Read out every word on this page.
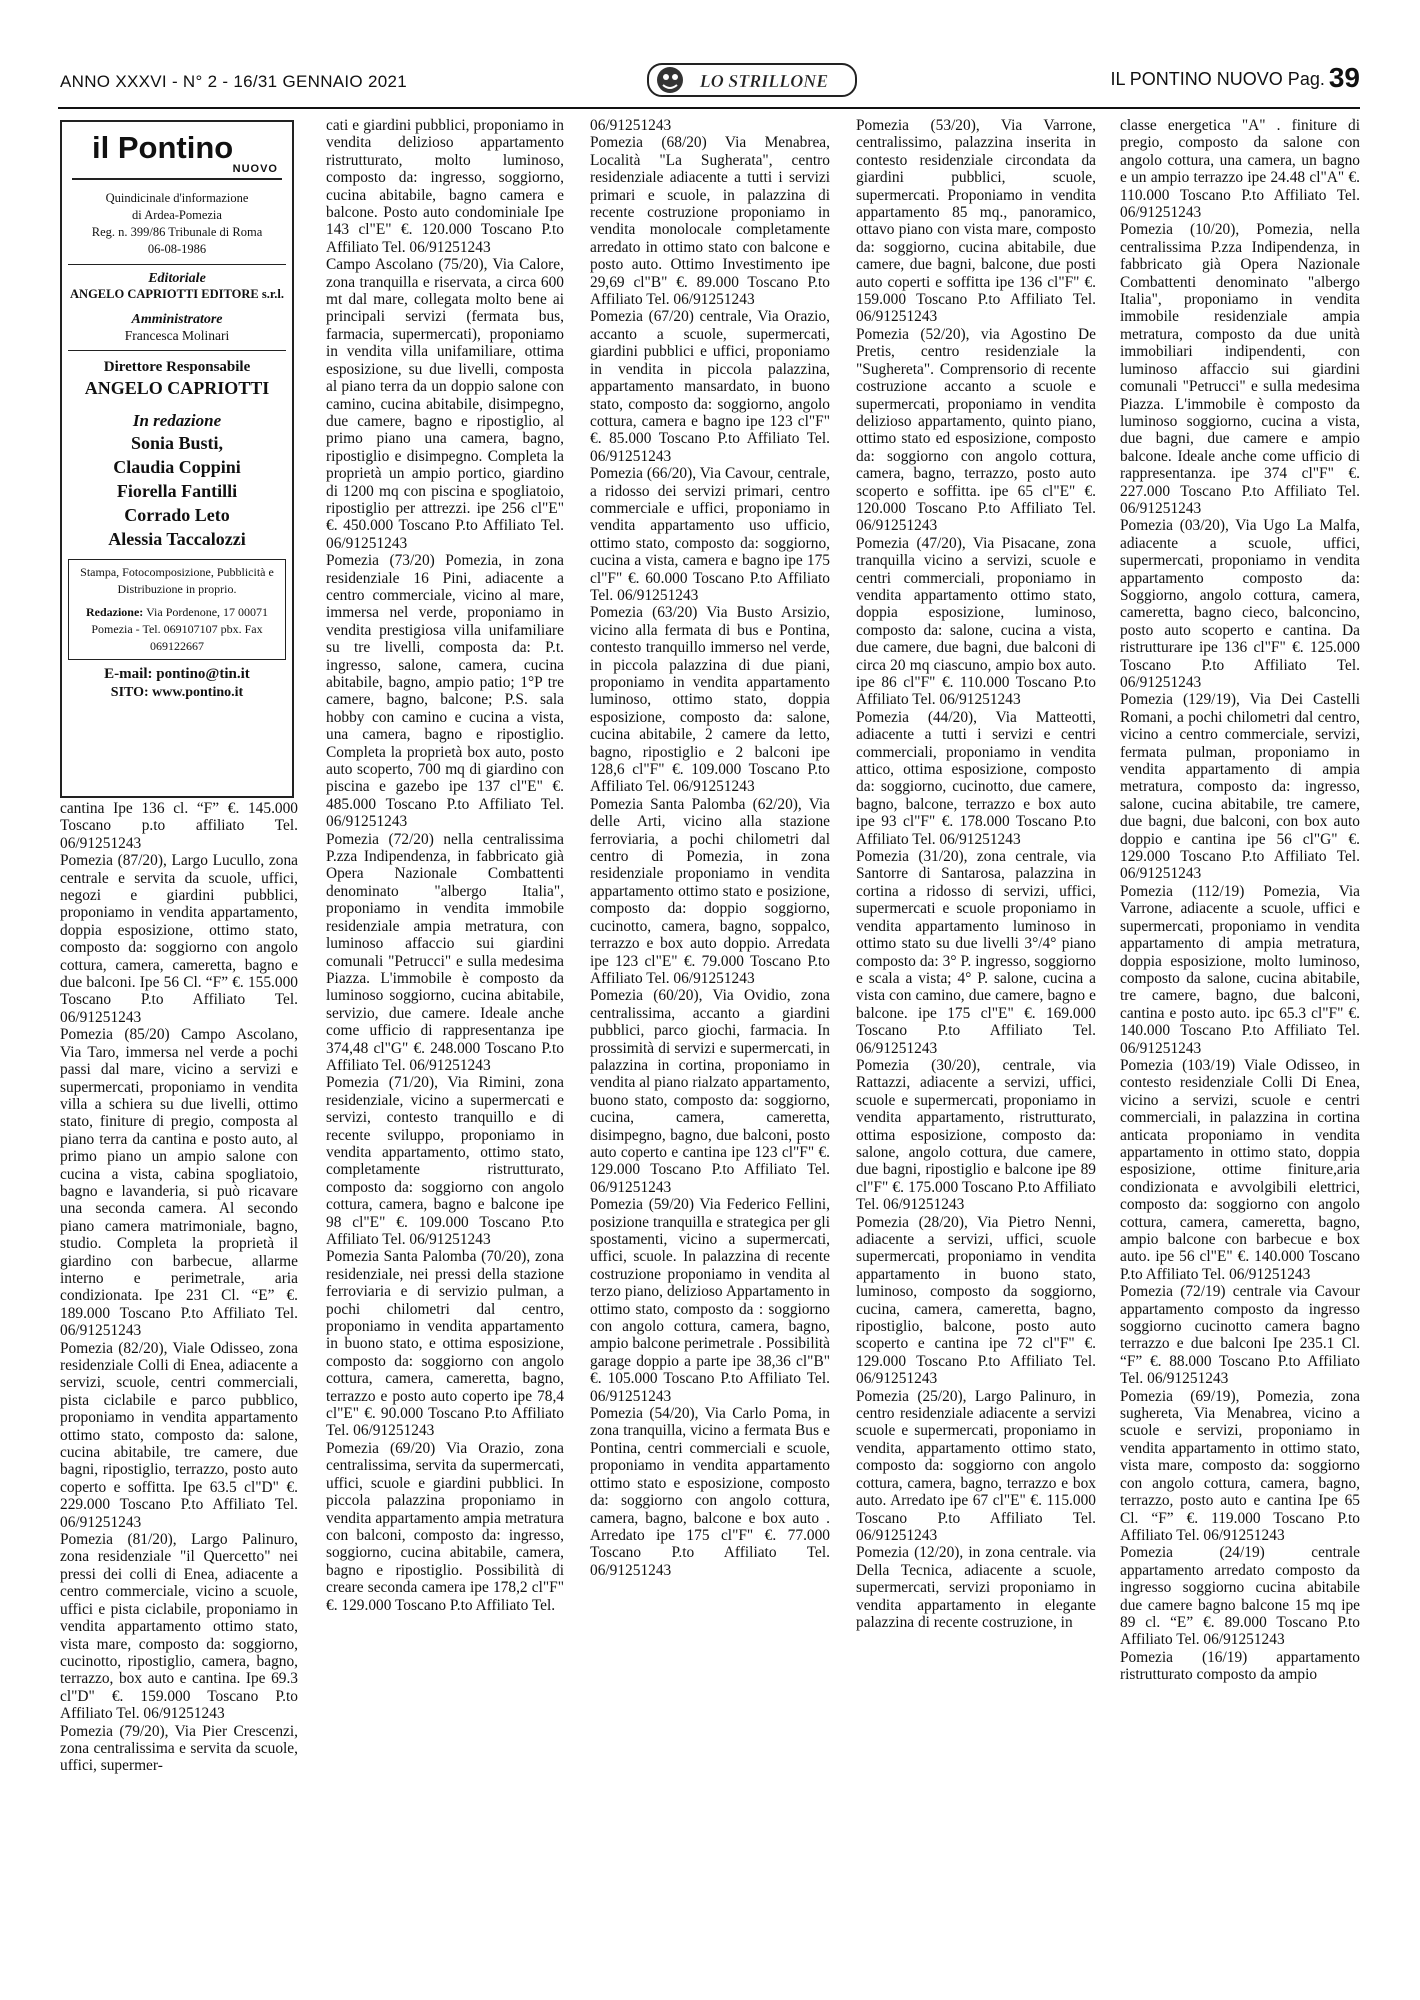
ANNO XXXVI - N° 2 - 16/31 GENNAIO 2021	LO STRILLONE	IL PONTINO NUOVO Pag. 39
il Pontino
NUOVO
Quindicinale d'informazione
di Ardea-Pomezia
Reg. n. 399/86 Tribunale di Roma
06-08-1986
Editoriale
ANGELO CAPRIOTTI EDITORE s.r.l.
Amministratore
Francesca Molinari
Direttore Responsabile
ANGELO CAPRIOTTI
In redazione
Sonia Busti,
Claudia Coppini
Fiorella Fantilli
Corrado Leto
Alessia Taccalozzi
Stampa, Fotocomposizione, Pubblicità e Distribuzione in proprio.
Redazione: Via Pordenone, 17 00071 Pomezia - Tel. 069107107 pbx. Fax 069122667
E-mail: pontino@tin.it
SITO: www.pontino.it

cantina Ipe 136 cl. “F” €. 145.000 Toscano p.to affiliato Tel. 06/91251243

Pomezia (87/20), Largo Lucullo, zona centrale e servita da scuole, uffici, negozi e giardini pubblici, proponiamo in vendita appartamento, doppia esposizione, ottimo stato, composto da: soggiorno con angolo cottura, camera, cameretta, bagno e due balconi. Ipe 56 Cl. “F” €. 155.000 Toscano P.to Affiliato Tel. 06/91251243

Pomezia (85/20) Campo Ascolano, Via Taro, immersa nel verde a pochi passi dal mare, vicino a servizi e supermercati, proponiamo in vendita villa a schiera su due livelli, ottimo stato, finiture di pregio, composta al piano terra da cantina e posto auto, al primo piano un ampio salone con cucina a vista, cabina spogliatoio, bagno e lavanderia, si può ricavare una seconda camera. Al secondo piano camera matrimoniale, bagno, studio. Completa la proprietà il giardino con barbecue, allarme interno e perimetrale, aria condizionata. Ipe 231 Cl. “E” €. 189.000 Toscano P.to Affiliato Tel. 06/91251243

Pomezia (82/20), Viale Odisseo, zona residenziale Colli di Enea, adiacente a servizi, scuole, centri commerciali, pista ciclabile e parco pubblico, proponiamo in vendita appartamento ottimo stato, composto da: salone, cucina abitabile, tre camere, due bagni, ripostiglio, terrazzo, posto auto coperto e soffitta. Ipe 63.5 cl"D" €. 229.000 Toscano P.to Affiliato Tel. 06/91251243

Pomezia (81/20), Largo Palinuro, zona residenziale "il Quercetto" nei pressi dei colli di Enea, adiacente a centro commerciale, vicino a scuole, uffici e pista ciclabile, proponiamo in vendita appartamento ottimo stato, vista mare, composto da: soggiorno, cucinotto, ripostiglio, camera, bagno, terrazzo, box auto e cantina. Ipe 69.3 cl"D" €. 159.000 Toscano P.to Affiliato Tel. 06/91251243

Pomezia (79/20), Via Pier Crescenzi, zona centralissima e servita da scuole, uffici, supermer-

cati e giardini pubblici, proponiamo in vendita delizioso appartamento ristrutturato, molto luminoso, composto da: ingresso, soggiorno, cucina abitabile, bagno camera e balcone. Posto auto condominiale Ipe 143 cl"E" €. 120.000 Toscano P.to Affiliato Tel. 06/91251243

Campo Ascolano (75/20), Via Calore, zona tranquilla e riservata, a circa 600 mt dal mare, collegata molto bene ai principali servizi (fermata bus, farmacia, supermercati), proponiamo in vendita villa unifamiliare, ottima esposizione, su due livelli, composta al piano terra da un doppio salone con camino, cucina abitabile, disimpegno, due camere, bagno e ripostiglio, al primo piano una camera, bagno, ripostiglio e disimpegno. Completa la proprietà un ampio portico, giardino di 1200 mq con piscina e spogliatoio, ripostiglio per attrezzi. ipe 256 cl"E" €. 450.000 Toscano P.to Affiliato Tel. 06/91251243

Pomezia (73/20) Pomezia, in zona residenziale 16 Pini, adiacente a centro commerciale, vicino al mare, immersa nel verde, proponiamo in vendita prestigiosa villa unifamiliare su tre livelli, composta da: P.t. ingresso, salone, camera, cucina abitabile, bagno, ampio patio; 1°P tre camere, bagno, balcone; P.S. sala hobby con camino e cucina a vista, una camera, bagno e ripostiglio. Completa la proprietà box auto, posto auto scoperto, 700 mq di giardino con piscina e gazebo ipe 137 cl"E" €. 485.000 Toscano P.to Affiliato Tel. 06/91251243

Pomezia (72/20) nella centralissima P.zza Indipendenza, in fabbricato già Opera Nazionale Combattenti denominato "albergo Italia", proponiamo in vendita immobile residenziale ampia metratura, con luminoso affaccio sui giardini comunali "Petrucci" e sulla medesima Piazza. L'immobile è composto da luminoso soggiorno, cucina abitabile, servizio, due camere. Ideale anche come ufficio di rappresentanza ipe 374,48 cl"G" €. 248.000 Toscano P.to Affiliato Tel. 06/91251243

Pomezia (71/20), Via Rimini, zona residenziale, vicino a supermercati e servizi, contesto tranquillo e di recente sviluppo, proponiamo in vendita appartamento, ottimo stato, completamente ristrutturato, composto da: soggiorno con angolo cottura, camera, bagno e balcone ipe 98 cl"E" €. 109.000 Toscano P.to Affiliato Tel. 06/91251243

Pomezia Santa Palomba (70/20), zona residenziale, nei pressi della stazione ferroviaria e di servizio pulman, a pochi chilometri dal centro, proponiamo in vendita appartamento in buono stato, e ottima esposizione, composto da: soggiorno con angolo cottura, camera, cameretta, bagno, terrazzo e posto auto coperto ipe 78,4 cl"E" €. 90.000 Toscano P.to Affiliato Tel. 06/91251243

Pomezia (69/20) Via Orazio, zona centralissima, servita da supermercati, uffici, scuole e giardini pubblici. In piccola palazzina proponiamo in vendita appartamento ampia metratura con balconi, composto da: ingresso, soggiorno, cucina abitabile, camera, bagno e ripostiglio. Possibilità di creare seconda camera ipe 178,2 cl"F" €. 129.000 Toscano P.to Affiliato Tel.

06/91251243

Pomezia (68/20) Via Menabrea, Località "La Sugherata", centro residenziale adiacente a tutti i servizi primari e scuole, in palazzina di recente costruzione proponiamo in vendita monolocale completamente arredato in ottimo stato con balcone e posto auto. Ottimo Investimento ipe 29,69 cl"B" €. 89.000 Toscano P.to Affiliato Tel. 06/91251243

Pomezia (67/20) centrale, Via Orazio, accanto a scuole, supermercati, giardini pubblici e uffici, proponiamo in vendita in piccola palazzina, appartamento mansardato, in buono stato, composto da: soggiorno, angolo cottura, camera e bagno ipe 123 cl"F" €. 85.000 Toscano P.to Affiliato Tel. 06/91251243

Pomezia (66/20), Via Cavour, centrale, a ridosso dei servizi primari, centro commerciale e uffici, proponiamo in vendita appartamento uso ufficio, ottimo stato, composto da: soggiorno, cucina a vista, camera e bagno ipe 175 cl"F" €. 60.000 Toscano P.to Affiliato Tel. 06/91251243

Pomezia (63/20) Via Busto Arsizio, vicino alla fermata di bus e Pontina, contesto tranquillo immerso nel verde, in piccola palazzina di due piani, proponiamo in vendita appartamento luminoso, ottimo stato, doppia esposizione, composto da: salone, cucina abitabile, 2 camere da letto, bagno, ripostiglio e 2 balconi ipe 128,6 cl"F" €. 109.000 Toscano P.to Affiliato Tel. 06/91251243

Pomezia Santa Palomba (62/20), Via delle Arti, vicino alla stazione ferroviaria, a pochi chilometri dal centro di Pomezia, in zona residenziale proponiamo in vendita appartamento ottimo stato e posizione, composto da: doppio soggiorno, cucinotto, camera, bagno, soppalco, terrazzo e box auto doppio. Arredata ipe 123 cl"E" €. 79.000 Toscano P.to Affiliato Tel. 06/91251243

Pomezia (60/20), Via Ovidio, zona centralissima, accanto a giardini pubblici, parco giochi, farmacia. In prossimità di servizi e supermercati, in palazzina in cortina, proponiamo in vendita al piano rialzato appartamento, buono stato, composto da: soggiorno, cucina, camera, cameretta, disimpegno, bagno, due balconi, posto auto coperto e cantina ipe 123 cl"F" €. 129.000 Toscano P.to Affiliato Tel. 06/91251243

Pomezia (59/20) Via Federico Fellini, posizione tranquilla e strategica per gli spostamenti, vicino a supermercati, uffici, scuole. In palazzina di recente costruzione proponiamo in vendita al terzo piano, delizioso Appartamento in ottimo stato, composto da : soggiorno con angolo cottura, camera, bagno, ampio balcone perimetrale . Possibilità garage doppio a parte ipe 38,36 cl"B" €. 105.000 Toscano P.to Affiliato Tel. 06/91251243

Pomezia (54/20), Via Carlo Poma, in zona tranquilla, vicino a fermata Bus e Pontina, centri commerciali e scuole, proponiamo in vendita appartamento ottimo stato e esposizione, composto da: soggiorno con angolo cottura, camera, bagno, balcone e box auto . Arredato ipe 175 cl"F" €. 77.000 Toscano P.to Affiliato Tel. 06/91251243

Pomezia (53/20), Via Varrone, centralissimo, palazzina inserita in contesto residenziale circondata da giardini pubblici, scuole, supermercati. Proponiamo in vendita appartamento 85 mq., panoramico, ottavo piano con vista mare, composto da: soggiorno, cucina abitabile, due camere, due bagni, balcone, due posti auto coperti e soffitta ipe 136 cl"F" €. 159.000 Toscano P.to Affiliato Tel. 06/91251243

Pomezia (52/20), via Agostino De Pretis, centro residenziale la "Sughereta". Comprensorio di recente costruzione accanto a scuole e supermercati, proponiamo in vendita delizioso appartamento, quinto piano, ottimo stato ed esposizione, composto da: soggiorno con angolo cottura, camera, bagno, terrazzo, posto auto scoperto e soffitta. ipe 65 cl"E" €. 120.000 Toscano P.to Affiliato Tel. 06/91251243

Pomezia (47/20), Via Pisacane, zona tranquilla vicino a servizi, scuole e centri commerciali, proponiamo in vendita appartamento ottimo stato, doppia esposizione, luminoso, composto da: salone, cucina a vista, due camere, due bagni, due balconi di circa 20 mq ciascuno, ampio box auto. ipe 86 cl"F" €. 110.000 Toscano P.to Affiliato Tel. 06/91251243

Pomezia (44/20), Via Matteotti, adiacente a tutti i servizi e centri commerciali, proponiamo in vendita attico, ottima esposizione, composto da: soggiorno, cucinotto, due camere, bagno, balcone, terrazzo e box auto ipe 93 cl"F" €. 178.000 Toscano P.to Affiliato Tel. 06/91251243

Pomezia (31/20), zona centrale, via Santorre di Santarosa, palazzina in cortina a ridosso di servizi, uffici, supermercati e scuole proponiamo in vendita appartamento luminoso in ottimo stato su due livelli 3°/4° piano composto da: 3° P. ingresso, soggiorno e scala a vista; 4° P. salone, cucina a vista con camino, due camere, bagno e balcone. ipe 175 cl"E" €. 169.000 Toscano P.to Affiliato Tel. 06/91251243

Pomezia (30/20), centrale, via Rattazzi, adiacente a servizi, uffici, scuole e supermercati, proponiamo in vendita appartamento, ristrutturato, ottima esposizione, composto da: salone, angolo cottura, due camere, due bagni, ripostiglio e balcone ipe 89 cl"F" €. 175.000 Toscano P.to Affiliato Tel. 06/91251243

Pomezia (28/20), Via Pietro Nenni, adiacente a servizi, uffici, scuole supermercati, proponiamo in vendita appartamento in buono stato, luminoso, composto da soggiorno, cucina, camera, cameretta, bagno, ripostiglio, balcone, posto auto scoperto e cantina ipe 72 cl"F" €. 129.000 Toscano P.to Affiliato Tel. 06/91251243

Pomezia (25/20), Largo Palinuro, in centro residenziale adiacente a servizi scuole e supermercati, proponiamo in vendita, appartamento ottimo stato, composto da: soggiorno con angolo cottura, camera, bagno, terrazzo e box auto. Arredato ipe 67 cl"E" €. 115.000 Toscano P.to Affiliato Tel. 06/91251243

Pomezia (12/20), in zona centrale. via Della Tecnica, adiacente a scuole, supermercati, servizi proponiamo in vendita appartamento in elegante palazzina di recente costruzione, in

classe energetica "A" . finiture di pregio, composto da salone con angolo cottura, una camera, un bagno e un ampio terrazzo ipe 24.48 cl"A" €. 110.000 Toscano P.to Affiliato Tel. 06/91251243

Pomezia (10/20), Pomezia, nella centralissima P.zza Indipendenza, in fabbricato già Opera Nazionale Combattenti denominato "albergo Italia", proponiamo in vendita immobile residenziale ampia metratura, composto da due unità immobiliari indipendenti, con luminoso affaccio sui giardini comunali "Petrucci" e sulla medesima Piazza. L'immobile è composto da luminoso soggiorno, cucina a vista, due bagni, due camere e ampio balcone. Ideale anche come ufficio di rappresentanza. ipe 374 cl"F" €. 227.000 Toscano P.to Affiliato Tel. 06/91251243

Pomezia (03/20), Via Ugo La Malfa, adiacente a scuole, uffici, supermercati, proponiamo in vendita appartamento composto da: Soggiorno, angolo cottura, camera, cameretta, bagno cieco, balconcino, posto auto scoperto e cantina. Da ristrutturare ipe 136 cl"F" €. 125.000 Toscano P.to Affiliato Tel. 06/91251243

Pomezia (129/19), Via Dei Castelli Romani, a pochi chilometri dal centro, vicino a centro commerciale, servizi, fermata pulman, proponiamo in vendita appartamento di ampia metratura, composto da: ingresso, salone, cucina abitabile, tre camere, due bagni, due balconi, con box auto doppio e cantina ipe 56 cl"G" €. 129.000 Toscano P.to Affiliato Tel. 06/91251243

Pomezia (112/19) Pomezia, Via Varrone, adiacente a scuole, uffici e supermercati, proponiamo in vendita appartamento di ampia metratura, doppia esposizione, molto luminoso, composto da salone, cucina abitabile, tre camere, bagno, due balconi, cantina e posto auto. ipc 65.3 cl"F" €. 140.000 Toscano P.to Affiliato Tel. 06/91251243

Pomezia (103/19) Viale Odisseo, in contesto residenziale Colli Di Enea, vicino a servizi, scuole e centri commerciali, in palazzina in cortina anticata proponiamo in vendita appartamento in ottimo stato, doppia esposizione, ottime finiture,aria condizionata e avvolgibili elettrici, composto da: soggiorno con angolo cottura, camera, cameretta, bagno, ampio balcone con barbecue e box auto. ipe 56 cl"E" €. 140.000 Toscano P.to Affiliato Tel. 06/91251243

Pomezia (72/19) centrale via Cavour appartamento composto da ingresso soggiorno cucinotto camera bagno terrazzo e due balconi Ipe 235.1 Cl. “F” €. 88.000 Toscano P.to Affiliato Tel. 06/91251243

Pomezia (69/19), Pomezia, zona sughereta, Via Menabrea, vicino a scuole e servizi, proponiamo in vendita appartamento in ottimo stato, vista mare, composto da: soggiorno con angolo cottura, camera, bagno, terrazzo, posto auto e cantina Ipe 65 Cl. “F” €. 119.000 Toscano P.to Affiliato Tel. 06/91251243

Pomezia (24/19) centrale appartamento arredato composto da ingresso soggiorno cucina abitabile due camere bagno balcone 15 mq ipe 89 cl. “E” €. 89.000 Toscano P.to Affiliato Tel. 06/91251243

Pomezia (16/19) appartamento ristrutturato composto da ampio
